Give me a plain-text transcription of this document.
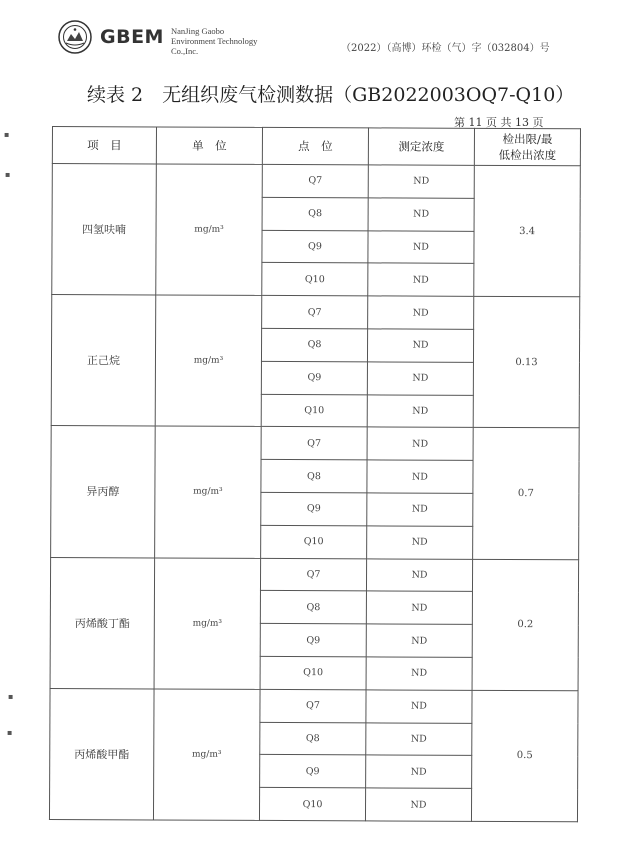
GBEM NanJing Gaobo
Environment Technology
Co.,Inc.	（2022）（高博）环检（气）字（032804）号
续表 2　无组织废气检测数据（GB2022003OQ7-Q10）
第 11 页 共 13 页
▪
▪
▪
▪
项　目	单　位	点　位	测定浓度	检出限/最
低检出浓度

四氢呋喃	mg/m³	Q7	ND	3.4
		Q8	ND	
		Q9	ND	
		Q10	ND	
正己烷	mg/m³	Q7	ND	0.13
		Q8	ND	
		Q9	ND	
		Q10	ND	
异丙醇	mg/m³	Q7	ND	0.7
		Q8	ND	
		Q9	ND	
		Q10	ND	
丙烯酸丁酯	mg/m³	Q7	ND	0.2
		Q8	ND	
		Q9	ND	
		Q10	ND	
丙烯酸甲酯	mg/m³	Q7	ND	0.5
		Q8	ND	
		Q9	ND	
		Q10	ND	
